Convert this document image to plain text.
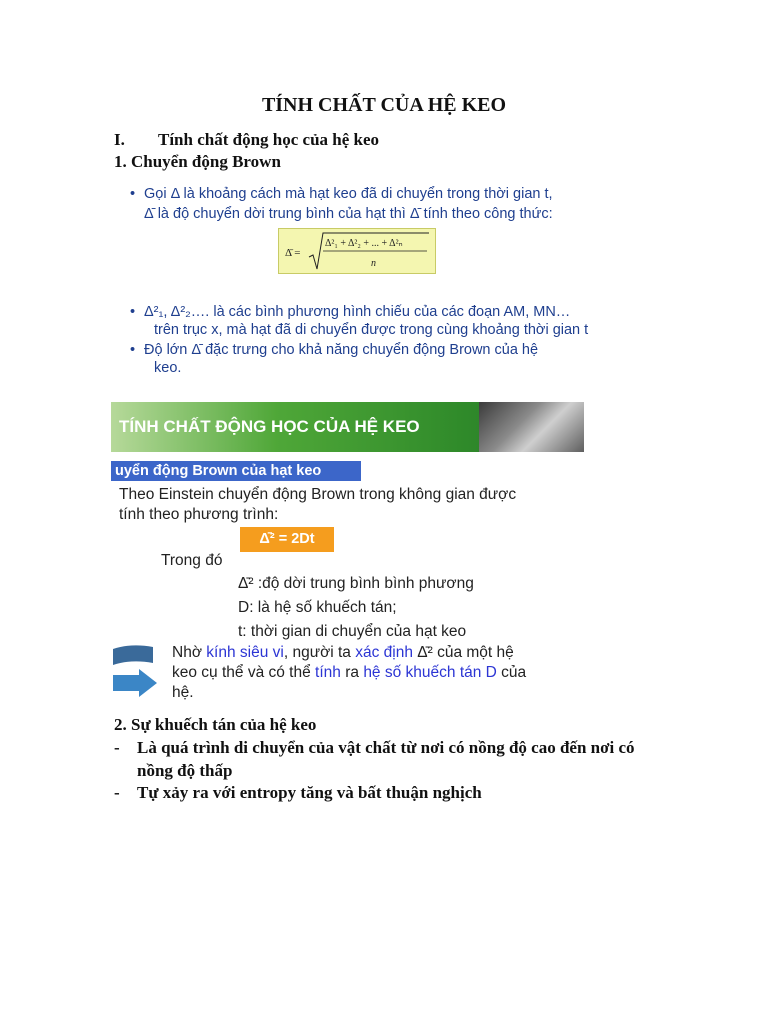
TÍNH CHẤT CỦA HỆ KEO
I. Tính chất động học của hệ keo
1. Chuyển động Brown
• Gọi Δ là khoảng cách mà hạt keo đã di chuyển trong thời gian t,
Δ̄ là độ chuyển dời trung bình của hạt thì Δ̄ tính theo công thức:
Δ̄ =
Δ²₁ + Δ²₂ + ... + Δ²ₙ
n
• Δ²₁, Δ²₂…. là các bình phương hình chiếu của các đoạn AM, MN…
trên trục x, mà hạt đã di chuyển được trong cùng khoảng thời gian t
• Độ lớn Δ̄ đặc trưng cho khả năng chuyển động Brown của hệ
keo.
TÍNH CHẤT ĐỘNG HỌC CỦA HỆ KEO
uyển động Brown của hạt keo
Theo Einstein chuyển động Brown trong không gian được
tính theo phương trình:
Δ̄² = 2Dt
Trong đó
Δ̄² :độ dời trung bình bình phương
D: là hệ số khuếch tán;
t: thời gian di chuyển của hạt keo
Nhờ kính siêu vi, người ta xác định Δ̄² của một hệ
keo cụ thể và có thể tính ra hệ số khuếch tán D của
hệ.
2. Sự khuếch tán của hệ keo
- Là quá trình di chuyển của vật chất từ nơi có nồng độ cao đến nơi có
nồng độ thấp
- Tự xảy ra với entropy tăng và bất thuận nghịch
